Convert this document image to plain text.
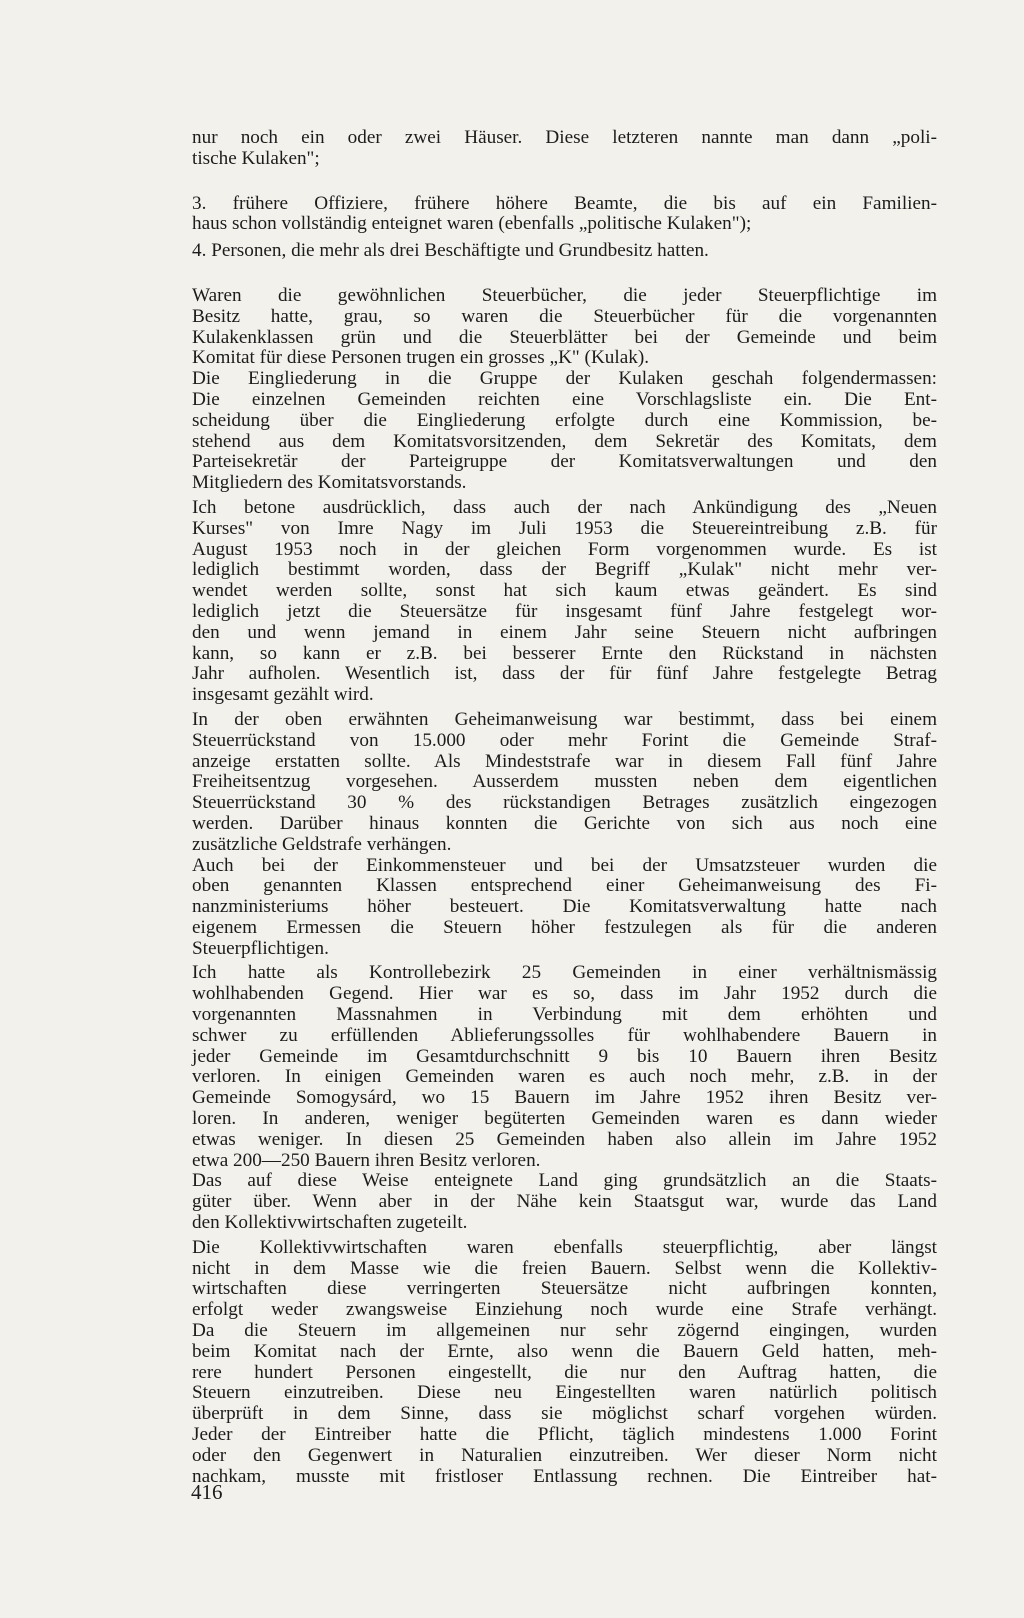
nur noch ein oder zwei Häuser. Diese letzteren nannte man dann „poli-
tische Kulaken";
3. frühere Offiziere, frühere höhere Beamte, die bis auf ein Familien-
haus schon vollständig enteignet waren (ebenfalls „politische Kulaken");
4. Personen, die mehr als drei Beschäftigte und Grundbesitz hatten.
Waren die gewöhnlichen Steuerbücher, die jeder Steuerpflichtige im
Besitz hatte, grau, so waren die Steuerbücher für die vorgenannten
Kulakenklassen grün und die Steuerblätter bei der Gemeinde und beim
Komitat für diese Personen trugen ein grosses „K" (Kulak).
Die Eingliederung in die Gruppe der Kulaken geschah folgendermassen:
Die einzelnen Gemeinden reichten eine Vorschlagsliste ein. Die Ent-
scheidung über die Eingliederung erfolgte durch eine Kommission, be-
stehend aus dem Komitatsvorsitzenden, dem Sekretär des Komitats, dem
Parteisekretär der Parteigruppe der Komitatsverwaltungen und den
Mitgliedern des Komitatsvorstands.
Ich betone ausdrücklich, dass auch der nach Ankündigung des „Neuen
Kurses" von Imre Nagy im Juli 1953 die Steuereintreibung z.B. für
August 1953 noch in der gleichen Form vorgenommen wurde. Es ist
lediglich bestimmt worden, dass der Begriff „Kulak" nicht mehr ver-
wendet werden sollte, sonst hat sich kaum etwas geändert. Es sind
lediglich jetzt die Steuersätze für insgesamt fünf Jahre festgelegt wor-
den und wenn jemand in einem Jahr seine Steuern nicht aufbringen
kann, so kann er z.B. bei besserer Ernte den Rückstand in nächsten
Jahr aufholen. Wesentlich ist, dass der für fünf Jahre festgelegte Betrag
insgesamt gezählt wird.
In der oben erwähnten Geheimanweisung war bestimmt, dass bei einem
Steuerrückstand von 15.000 oder mehr Forint die Gemeinde Straf-
anzeige erstatten sollte. Als Mindeststrafe war in diesem Fall fünf Jahre
Freiheitsentzug vorgesehen. Ausserdem mussten neben dem eigentlichen
Steuerrückstand 30 % des rückstandigen Betrages zusätzlich eingezogen
werden. Darüber hinaus konnten die Gerichte von sich aus noch eine
zusätzliche Geldstrafe verhängen.
Auch bei der Einkommensteuer und bei der Umsatzsteuer wurden die
oben genannten Klassen entsprechend einer Geheimanweisung des Fi-
nanzministeriums höher besteuert. Die Komitatsverwaltung hatte nach
eigenem Ermessen die Steuern höher festzulegen als für die anderen
Steuerpflichtigen.
Ich hatte als Kontrollebezirk 25 Gemeinden in einer verhältnismässig
wohlhabenden Gegend. Hier war es so, dass im Jahr 1952 durch die
vorgenannten Massnahmen in Verbindung mit dem erhöhten und
schwer zu erfüllenden Ablieferungssolles für wohlhabendere Bauern in
jeder Gemeinde im Gesamtdurchschnitt 9 bis 10 Bauern ihren Besitz
verloren. In einigen Gemeinden waren es auch noch mehr, z.B. in der
Gemeinde Somogysárd, wo 15 Bauern im Jahre 1952 ihren Besitz ver-
loren. In anderen, weniger begüterten Gemeinden waren es dann wieder
etwas weniger. In diesen 25 Gemeinden haben also allein im Jahre 1952
etwa 200—250 Bauern ihren Besitz verloren.
Das auf diese Weise enteignete Land ging grundsätzlich an die Staats-
güter über. Wenn aber in der Nähe kein Staatsgut war, wurde das Land
den Kollektivwirtschaften zugeteilt.
Die Kollektivwirtschaften waren ebenfalls steuerpflichtig, aber längst
nicht in dem Masse wie die freien Bauern. Selbst wenn die Kollektiv-
wirtschaften diese verringerten Steuersätze nicht aufbringen konnten,
erfolgt weder zwangsweise Einziehung noch wurde eine Strafe verhängt.
Da die Steuern im allgemeinen nur sehr zögernd eingingen, wurden
beim Komitat nach der Ernte, also wenn die Bauern Geld hatten, meh-
rere hundert Personen eingestellt, die nur den Auftrag hatten, die
Steuern einzutreiben. Diese neu Eingestellten waren natürlich politisch
überprüft in dem Sinne, dass sie möglichst scharf vorgehen würden.
Jeder der Eintreiber hatte die Pflicht, täglich mindestens 1.000 Forint
oder den Gegenwert in Naturalien einzutreiben. Wer dieser Norm nicht
nachkam, musste mit fristloser Entlassung rechnen. Die Eintreiber hat-
416
